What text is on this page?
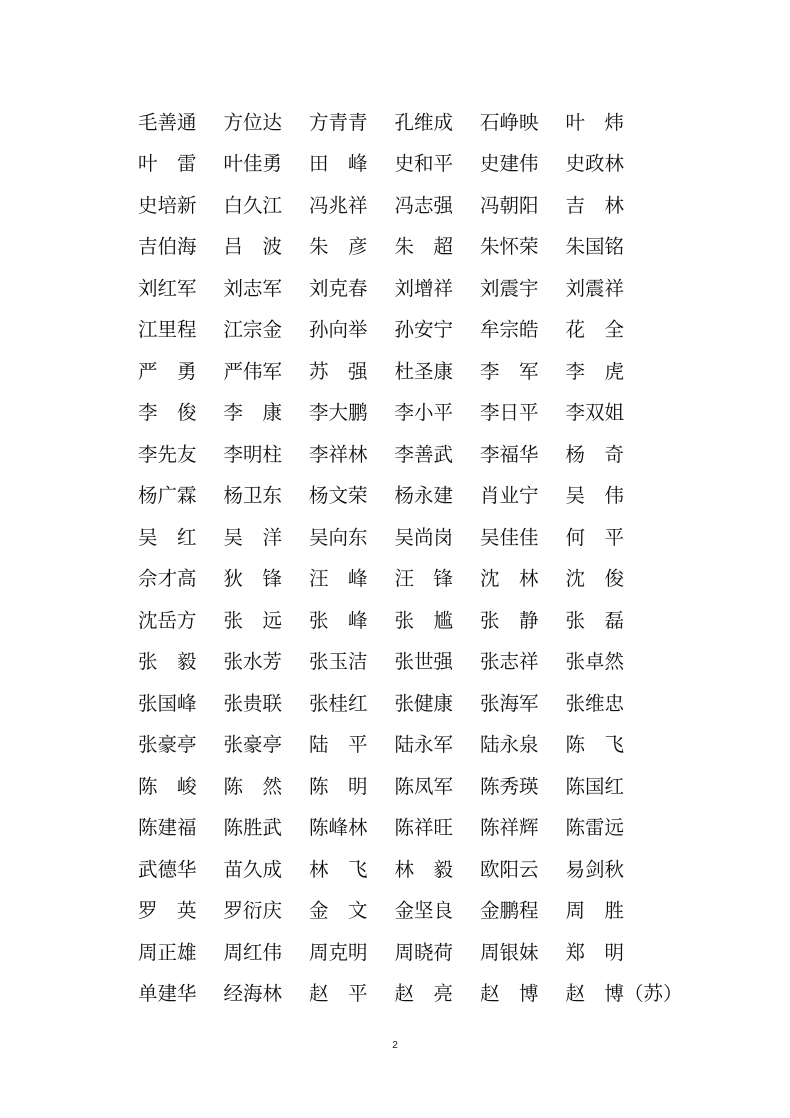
毛善通	方位达	方青青	孔维成	石峥映	叶　炜
叶　雷	叶佳勇	田　峰	史和平	史建伟	史政林
史培新	白久江	冯兆祥	冯志强	冯朝阳	吉　林
吉伯海	吕　波	朱　彦	朱　超	朱怀荣	朱国铭
刘红军	刘志军	刘克春	刘增祥	刘震宇	刘震祥
江里程	江宗金	孙向举	孙安宁	牟宗皓	花　全
严　勇	严伟军	苏　强	杜圣康	李　军	李　虎
李　俊	李　康	李大鹏	李小平	李日平	李双姐
李先友	李明柱	李祥林	李善武	李福华	杨　奇
杨广霖	杨卫东	杨文荣	杨永建	肖业宁	吴　伟
吴　红	吴　洋	吴向东	吴尚岗	吴佳佳	何　平
佘才高	狄　锋	汪　峰	汪　锋	沈　林	沈　俊
沈岳方	张　远	张　峰	张　尴	张　静	张　磊
张　毅	张水芳	张玉洁	张世强	张志祥	张卓然
张国峰	张贵联	张桂红	张健康	张海军	张维忠
张豪亭	张豪亭	陆　平	陆永军	陆永泉	陈　飞
陈　峻	陈　然	陈　明	陈凤军	陈秀瑛	陈国红
陈建福	陈胜武	陈峰林	陈祥旺	陈祥辉	陈雷远
武德华	苗久成	林　飞	林　毅	欧阳云	易剑秋
罗　英	罗衍庆	金　文	金坚良	金鹏程	周　胜
周正雄	周红伟	周克明	周晓荷	周银妹	郑　明
单建华	经海林	赵　平	赵　亮	赵　博	赵　博（苏）
2
